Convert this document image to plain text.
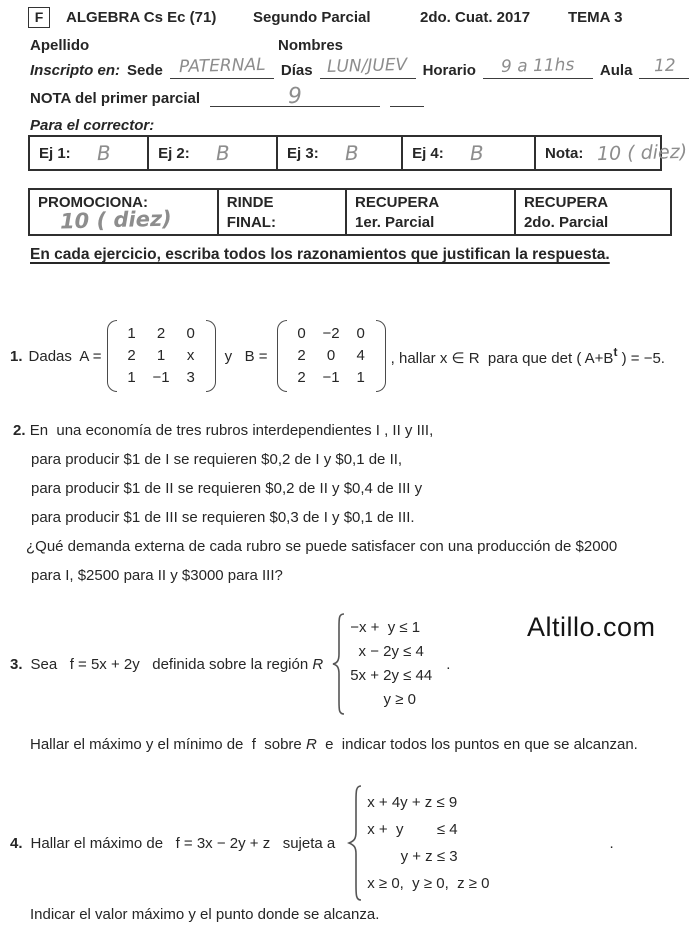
F	ALGEBRA Cs Ec (71) Segundo Parcial	2do. Cuat. 2017	TEMA 3
Apellido	Nombres
Inscripto en: Sede PATERNAL	Días LUN/JUEV Horario	9 a 11hs	Aula	12
NOTA del primer parcial	9
Para el corrector:
Ej 1: B	Ej 2: B	Ej 3: B	Ej 4: B	Nota: 10 ( diez)
PROMOCIONA:
10 ( diez)
RINDE
FINAL:
RECUPERA
1er. Parcial
RECUPERA
2do. Parcial
En cada ejercicio, escriba todos los razonamientos que justifican la respuesta.
1. Dadas  A =
1 2 0
2 1 x
1 −1 3
y   B =
0 −2 0
2 0 4
2 −1 1
, hallar x ∈ R  para que det ( $A+B^t$ ) = −5.
2. En  una economía de tres rubros interdependientes I , II y III,
para producir $1 de I se requieren $0,2 de I y $0,1 de II,
para producir $1 de II se requieren $0,2 de II y $0,4 de III y
para producir $1 de III se requieren $0,3 de I y $0,1 de III.
¿Qué demanda externa de cada rubro se puede satisfacer con una producción de $2000
para I, $2500 para II y $3000 para III?
Altillo.com
3. Sea   f = 5x + 2y   definida sobre la región R
−x +  y ≤ 1
x − 2y ≤ 4
5x + 2y ≤ 44
y ≥ 0
.
Hallar el máximo y el mínimo de  f  sobre R  e  indicar todos los puntos en que se alcanzan.
4. Hallar el máximo de   f = 3x − 2y + z   sujeta a
x + 4y + z ≤ 9
x +  y        ≤ 4
y + z ≤ 3
x ≥ 0,  y ≥ 0,  z ≥ 0
.
Indicar el valor máximo y el punto donde se alcanza.
